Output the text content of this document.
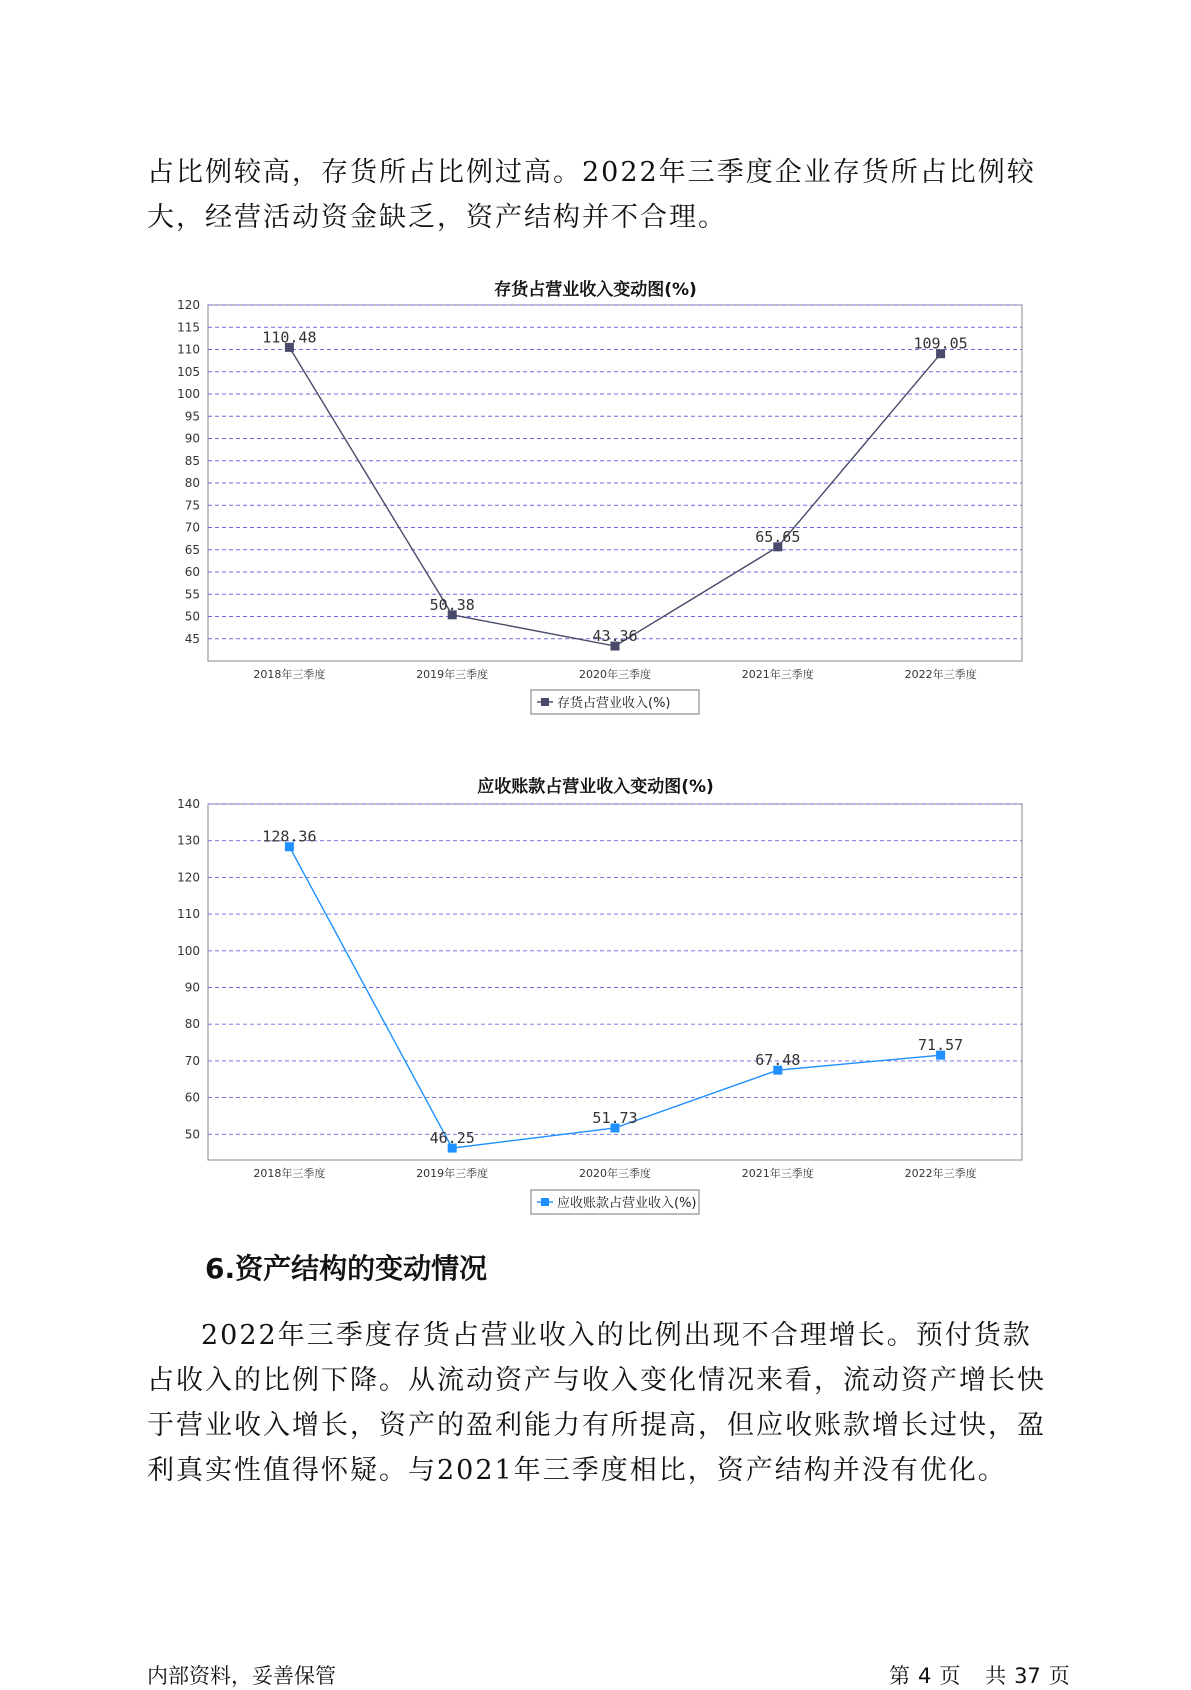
占比例较高，存货所占比例过高。2022年三季度企业存货所占比例较大，经营活动资金缺乏，资产结构并不合理。

存货占营业收入变动图(%)
45
50
55
60
65
70
75
80
85
90
95
100
105
110
115
120
2018年三季度	2019年三季度	2020年三季度	2021年三季度	2022年三季度
110.48
50.38
43.36
65.65
109.05
存货占营业收入(%)
应收账款占营业收入变动图(%)
50
60
70
80
90
100
110
120
130
140
2018年三季度	2019年三季度	2020年三季度	2021年三季度	2022年三季度
128.36
46.25
51.73
67.48
71.57
应收账款占营业收入(%)
6.资产结构的变动情况

2022年三季度存货占营业收入的比例出现不合理增长。预付货款占收入的比例下降。从流动资产与收入变化情况来看，流动资产增长快于营业收入增长，资产的盈利能力有所提高，但应收账款增长过快，盈利真实性值得怀疑。与2021年三季度相比，资产结构并没有优化。

内部资料，妥善保管	第 4 页 共 37 页
